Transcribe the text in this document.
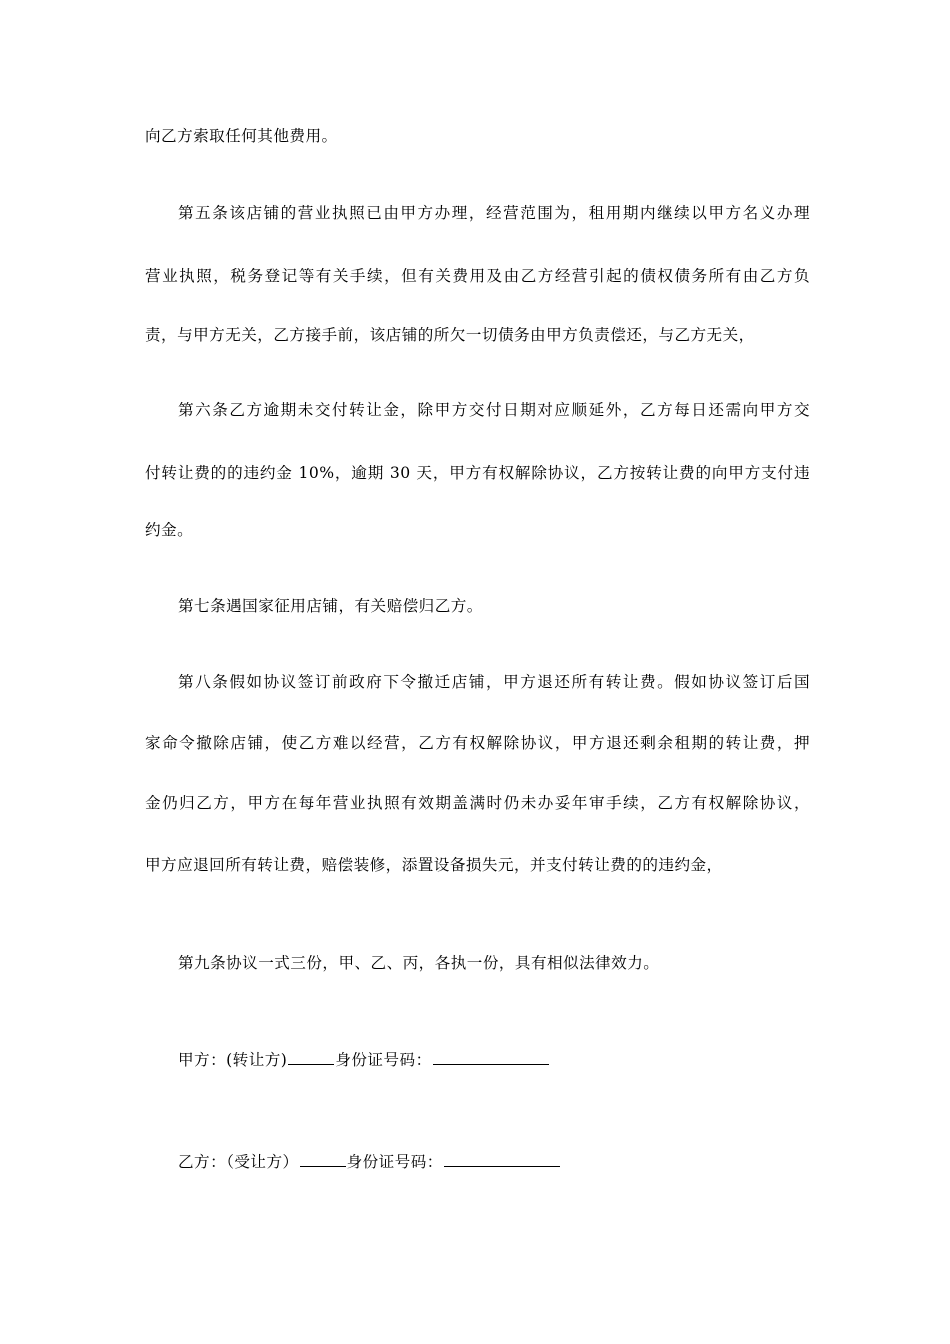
向乙方索取任何其他费用。
第五条该店铺的营业执照已由甲方办理，经营范围为，租用期内继续以甲方名义办理
营业执照，税务登记等有关手续，但有关费用及由乙方经营引起的债权债务所有由乙方负
责，与甲方无关，乙方接手前，该店铺的所欠一切债务由甲方负责偿还，与乙方无关，
第六条乙方逾期未交付转让金，除甲方交付日期对应顺延外，乙方每日还需向甲方交
付转让费的的违约金 10%，逾期 30 天，甲方有权解除协议，乙方按转让费的向甲方支付违
约金。
第七条遇国家征用店铺，有关赔偿归乙方。
第八条假如协议签订前政府下令撤迁店铺，甲方退还所有转让费。假如协议签订后国
家命令撤除店铺，使乙方难以经营，乙方有权解除协议，甲方退还剩余租期的转让费，押
金仍归乙方，甲方在每年营业执照有效期盖满时仍未办妥年审手续，乙方有权解除协议，
甲方应退回所有转让费，赔偿装修，添置设备损失元，并支付转让费的的违约金，
第九条协议一式三份，甲、乙、丙，各执一份，具有相似法律效力。
甲方：(转让方)	身份证号码：
乙方：（受让方）	身份证号码：
